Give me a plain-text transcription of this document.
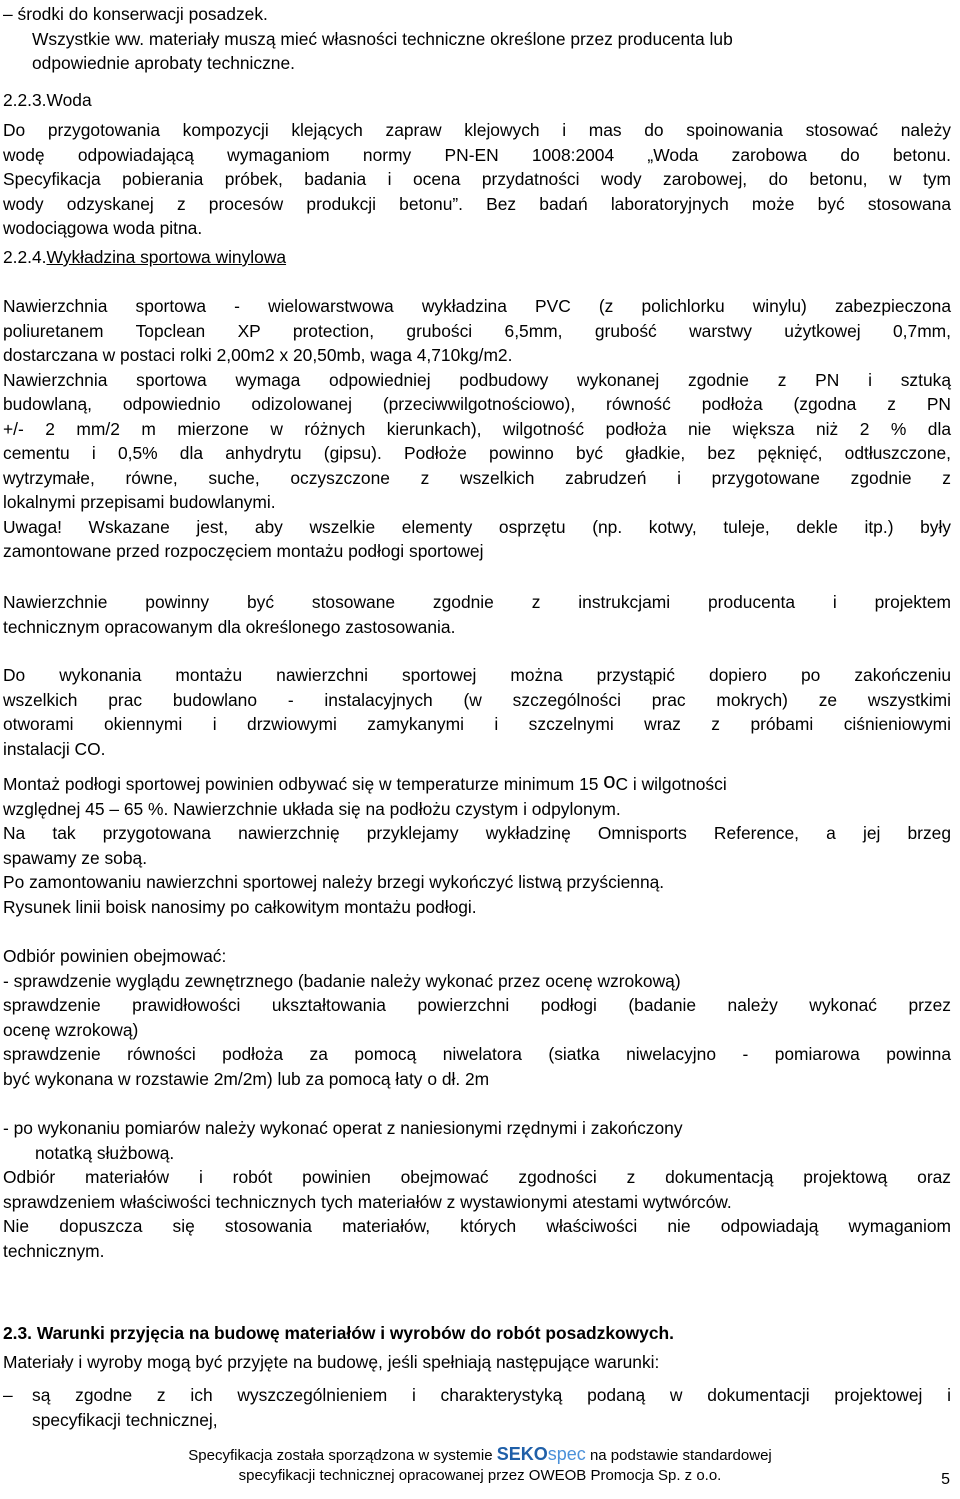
– środki do konserwacji posadzek.
Wszystkie ww. materiały muszą mieć własności techniczne określone przez producenta lub
odpowiednie aprobaty techniczne.
2.2.3.Woda
Do przygotowania kompozycji klejących zapraw klejowych i mas do spoinowania stosować należy
wodę odpowiadającą wymaganiom normy PN-EN 1008:2004 „Woda zarobowa do betonu.
Specyfikacja pobierania próbek, badania i ocena przydatności wody zarobowej, do betonu, w tym
wody odzyskanej z procesów produkcji betonu”. Bez badań laboratoryjnych może być stosowana
wodociągowa woda pitna.
2.2.4.Wykładzina sportowa winylowa
Nawierzchnia sportowa - wielowarstwowa wykładzina PVC (z polichlorku winylu) zabezpieczona
poliuretanem Topclean XP protection, grubości 6,5mm, grubość warstwy użytkowej 0,7mm,
dostarczana w postaci rolki 2,00m2 x 20,50mb, waga 4,710kg/m2.
Nawierzchnia sportowa wymaga odpowiedniej podbudowy wykonanej zgodnie z PN i sztuką
budowlaną, odpowiednio odizolowanej (przeciwwilgotnościowo), równość podłoża (zgodna z PN
+/- 2 mm/2 m mierzone w różnych kierunkach), wilgotność podłoża nie większa niż 2 % dla
cementu i 0,5% dla anhydrytu (gipsu). Podłoże powinno być gładkie, bez pęknięć, odtłuszczone,
wytrzymałe, równe, suche, oczyszczone z wszelkich zabrudzeń i przygotowane zgodnie z
lokalnymi przepisami budowlanymi.
Uwaga! Wskazane jest, aby wszelkie elementy osprzętu (np. kotwy, tuleje, dekle itp.) były
zamontowane przed rozpoczęciem montażu podłogi sportowej
Nawierzchnie powinny być stosowane zgodnie z instrukcjami producenta i projektem
technicznym opracowanym dla określonego zastosowania.
Do wykonania montażu nawierzchni sportowej można przystąpić dopiero po zakończeniu
wszelkich prac budowlano - instalacyjnych (w szczególności prac mokrych) ze wszystkimi
otworami okiennymi i drzwiowymi zamykanymi i szczelnymi wraz z próbami ciśnieniowymi
instalacji CO.
Montaż podłogi sportowej powinien odbywać się w temperaturze minimum 15 $^o$C i wilgotności
względnej 45 – 65 %. Nawierzchnie układa się na podłożu czystym i odpylonym.
Na tak przygotowana nawierzchnię przyklejamy wykładzinę Omnisports Reference, a jej brzeg
spawamy ze sobą.
Po zamontowaniu nawierzchni sportowej należy brzegi wykończyć listwą przyścienną.
Rysunek linii boisk nanosimy po całkowitym montażu podłogi.
Odbiór powinien obejmować:
- sprawdzenie wyglądu zewnętrznego (badanie należy wykonać przez ocenę wzrokową)
sprawdzenie prawidłowości ukształtowania powierzchni podłogi (badanie należy wykonać przez
ocenę wzrokową)
sprawdzenie równości podłoża za pomocą niwelatora (siatka niwelacyjno - pomiarowa powinna
być wykonana w rozstawie 2m/2m) lub za pomocą łaty o dł. 2m
- po wykonaniu pomiarów należy wykonać operat z naniesionymi rzędnymi i zakończony
notatką służbową.
Odbiór materiałów i robót powinien obejmować zgodności z dokumentacją projektową oraz
sprawdzeniem właściwości technicznych tych materiałów z wystawionymi atestami wytwórców.
Nie dopuszcza się stosowania materiałów, których właściwości nie odpowiadają wymaganiom
technicznym.
2.3. Warunki przyjęcia na budowę materiałów i wyrobów do robót posadzkowych.
Materiały i wyroby mogą być przyjęte na budowę, jeśli spełniają następujące warunki:
–	są zgodne z ich wyszczególnieniem i charakterystyką podaną w dokumentacji projektowej i
specyfikacji technicznej,
Specyfikacja została sporządzona w systemie SEKOspec na podstawie standardowej
specyfikacji technicznej opracowanej przez OWEOB Promocja Sp. z o.o.	5
